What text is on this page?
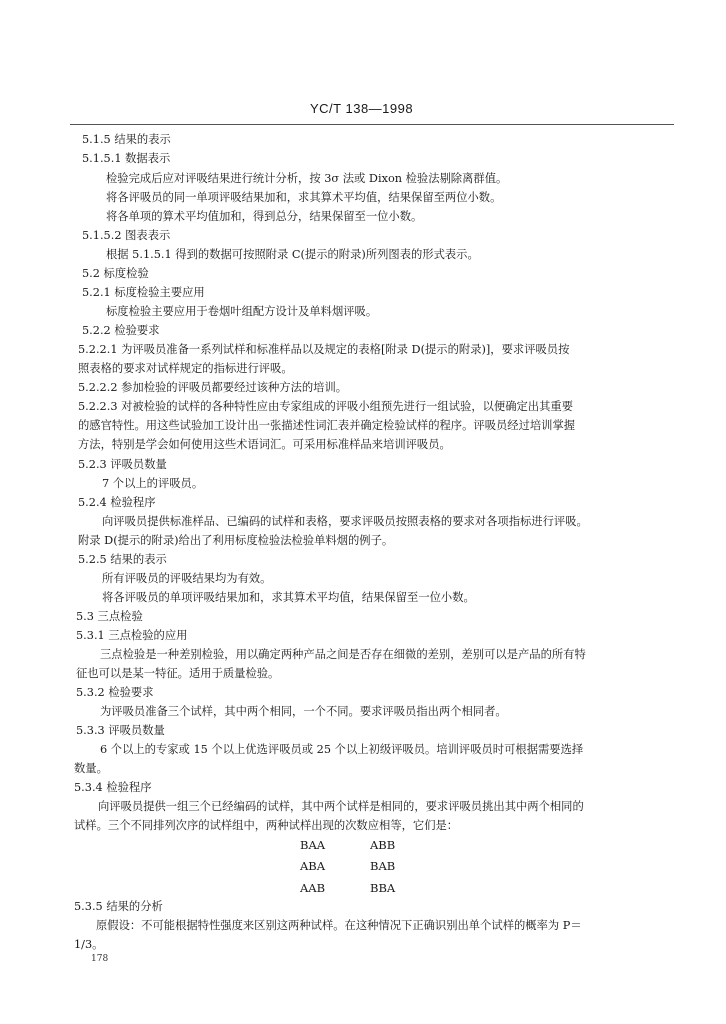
YC/T 138—1998
5.1.5 结果的表示
5.1.5.1 数据表示
检验完成后应对评吸结果进行统计分析，按 3σ 法或 Dixon 检验法剔除离群值。
将各评吸员的同一单项评吸结果加和，求其算术平均值，结果保留至两位小数。
将各单项的算术平均值加和，得到总分，结果保留至一位小数。
5.1.5.2 图表表示
根据 5.1.5.1 得到的数据可按照附录 C(提示的附录)所列图表的形式表示。
5.2 标度检验
5.2.1 标度检验主要应用
标度检验主要应用于卷烟叶组配方设计及单料烟评吸。
5.2.2 检验要求
5.2.2.1 为评吸员准备一系列试样和标准样品以及规定的表格[附录 D(提示的附录)]，要求评吸员按
照表格的要求对试样规定的指标进行评吸。
5.2.2.2 参加检验的评吸员都要经过该种方法的培训。
5.2.2.3 对被检验的试样的各种特性应由专家组成的评吸小组预先进行一组试验，以便确定出其重要
的感官特性。用这些试验加工设计出一张描述性词汇表并确定检验试样的程序。评吸员经过培训掌握
方法，特别是学会如何使用这些术语词汇。可采用标准样品来培训评吸员。
5.2.3 评吸员数量
7 个以上的评吸员。
5.2.4 检验程序
向评吸员提供标准样品、已编码的试样和表格，要求评吸员按照表格的要求对各项指标进行评吸。
附录 D(提示的附录)给出了利用标度检验法检验单料烟的例子。
5.2.5 结果的表示
所有评吸员的评吸结果均为有效。
将各评吸员的单项评吸结果加和，求其算术平均值，结果保留至一位小数。
5.3 三点检验
5.3.1 三点检验的应用
三点检验是一种差别检验，用以确定两种产品之间是否存在细微的差别，差别可以是产品的所有特
征也可以是某一特征。适用于质量检验。
5.3.2 检验要求
为评吸员准备三个试样，其中两个相同，一个不同。要求评吸员指出两个相同者。
5.3.3 评吸员数量
6 个以上的专家或 15 个以上优选评吸员或 25 个以上初级评吸员。培训评吸员时可根据需要选择
数量。
5.3.4 检验程序
向评吸员提供一组三个已经编码的试样，其中两个试样是相同的，要求评吸员挑出其中两个相同的
试样。三个不同排列次序的试样组中，两种试样出现的次数应相等，它们是：
BAA	ABB
ABA	BAB
AAB	BBA
5.3.5 结果的分析
原假设：不可能根据特性强度来区别这两种试样。在这种情况下正确识别出单个试样的概率为 P＝
1/3。
178
